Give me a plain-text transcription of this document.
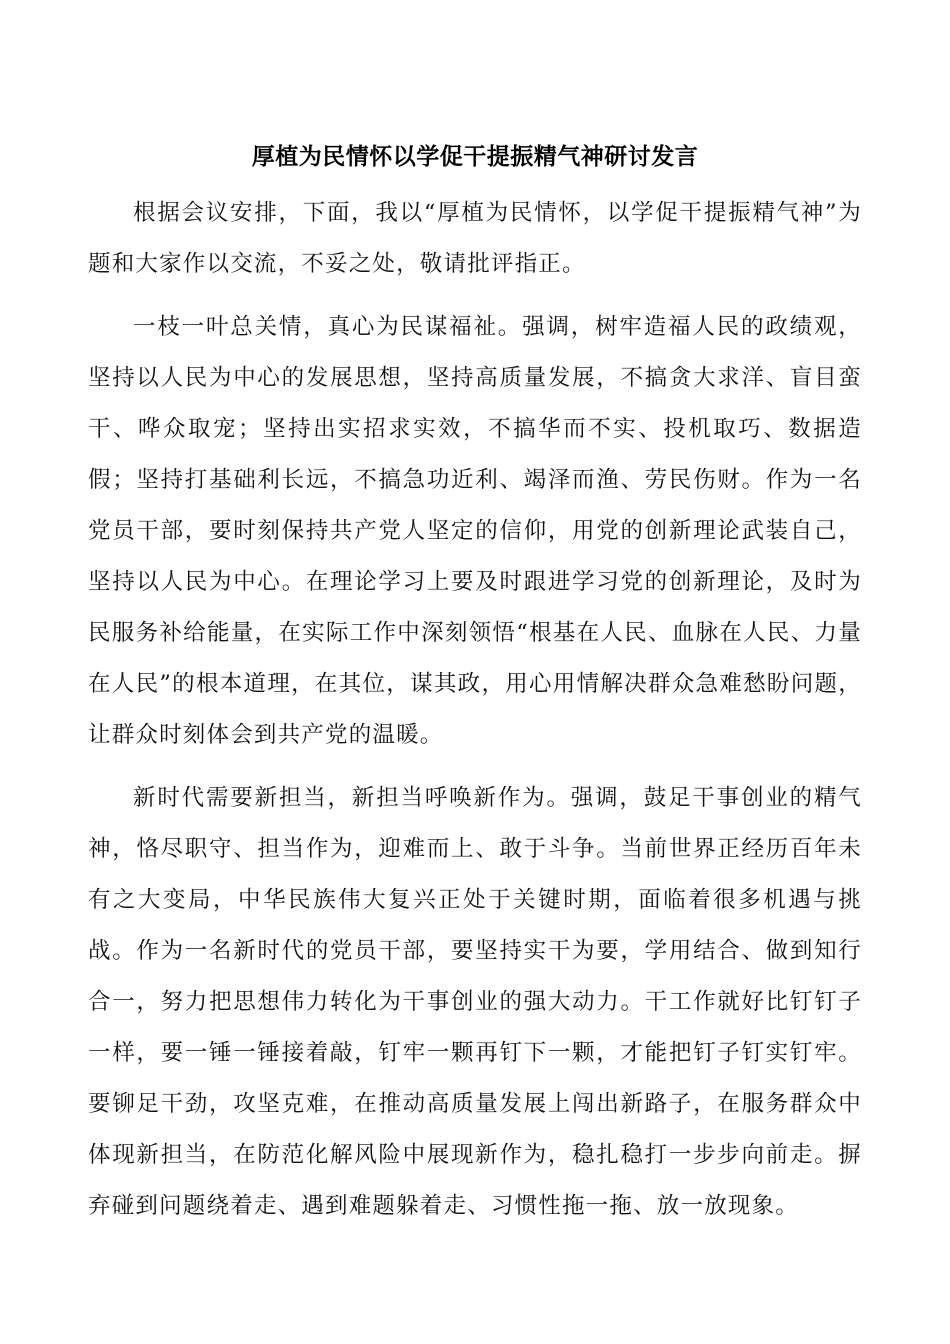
厚植为民情怀以学促干提振精气神研讨发言

根据会议安排，下面，我以“厚植为民情怀，以学促干提振精气神”为题和大家作以交流，不妥之处，敬请批评指正。

一枝一叶总关情，真心为民谋福祉。强调，树牢造福人民的政绩观，坚持以人民为中心的发展思想，坚持高质量发展，不搞贪大求洋、盲目蛮干、哗众取宠；坚持出实招求实效，不搞华而不实、投机取巧、数据造假；坚持打基础利长远，不搞急功近利、竭泽而渔、劳民伤财。作为一名党员干部，要时刻保持共产党人坚定的信仰，用党的创新理论武装自己，坚持以人民为中心。在理论学习上要及时跟进学习党的创新理论，及时为民服务补给能量，在实际工作中深刻领悟“根基在人民、血脉在人民、力量在人民”的根本道理，在其位，谋其政，用心用情解决群众急难愁盼问题，让群众时刻体会到共产党的温暖。

新时代需要新担当，新担当呼唤新作为。强调，鼓足干事创业的精气神，恪尽职守、担当作为，迎难而上、敢于斗争。当前世界正经历百年未有之大变局，中华民族伟大复兴正处于关键时期，面临着很多机遇与挑战。作为一名新时代的党员干部，要坚持实干为要，学用结合、做到知行合一，努力把思想伟力转化为干事创业的强大动力。干工作就好比钉钉子一样，要一锤一锤接着敲，钉牢一颗再钉下一颗，才能把钉子钉实钉牢。要铆足干劲，攻坚克难，在推动高质量发展上闯出新路子，在服务群众中体现新担当，在防范化解风险中展现新作为，稳扎稳打一步步向前走。摒弃碰到问题绕着走、遇到难题躲着走、习惯性拖一拖、放一放现象。
